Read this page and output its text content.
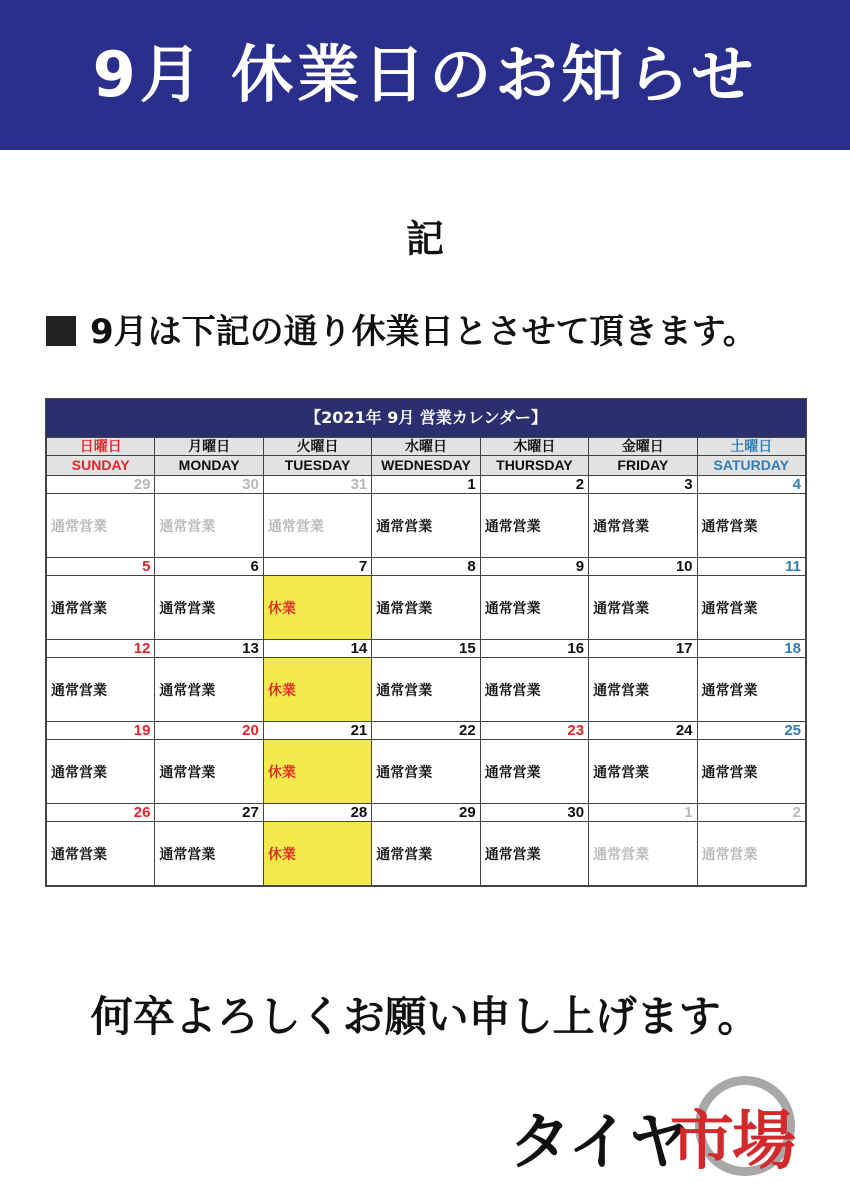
9月 休業日のお知らせ
記
9月は下記の通り休業日とさせて頂きます。
【2021年 9月 営業カレンダー】
日曜日	月曜日	火曜日	水曜日	木曜日	金曜日	土曜日
SUNDAY	MONDAY	TUESDAY	WEDNESDAY	THURSDAY	FRIDAY	SATURDAY
29	30	31	1	2	3	4
通常営業	通常営業	通常営業	通常営業	通常営業	通常営業	通常営業
5	6	7	8	9	10	11
通常営業	通常営業	休業	通常営業	通常営業	通常営業	通常営業
12	13	14	15	16	17	18
通常営業	通常営業	休業	通常営業	通常営業	通常営業	通常営業
19	20	21	22	23	24	25
通常営業	通常営業	休業	通常営業	通常営業	通常営業	通常営業
26	27	28	29	30	1	2
通常営業	通常営業	休業	通常営業	通常営業	通常営業	通常営業
何卒よろしくお願い申し上げます。
タイヤ
市場
